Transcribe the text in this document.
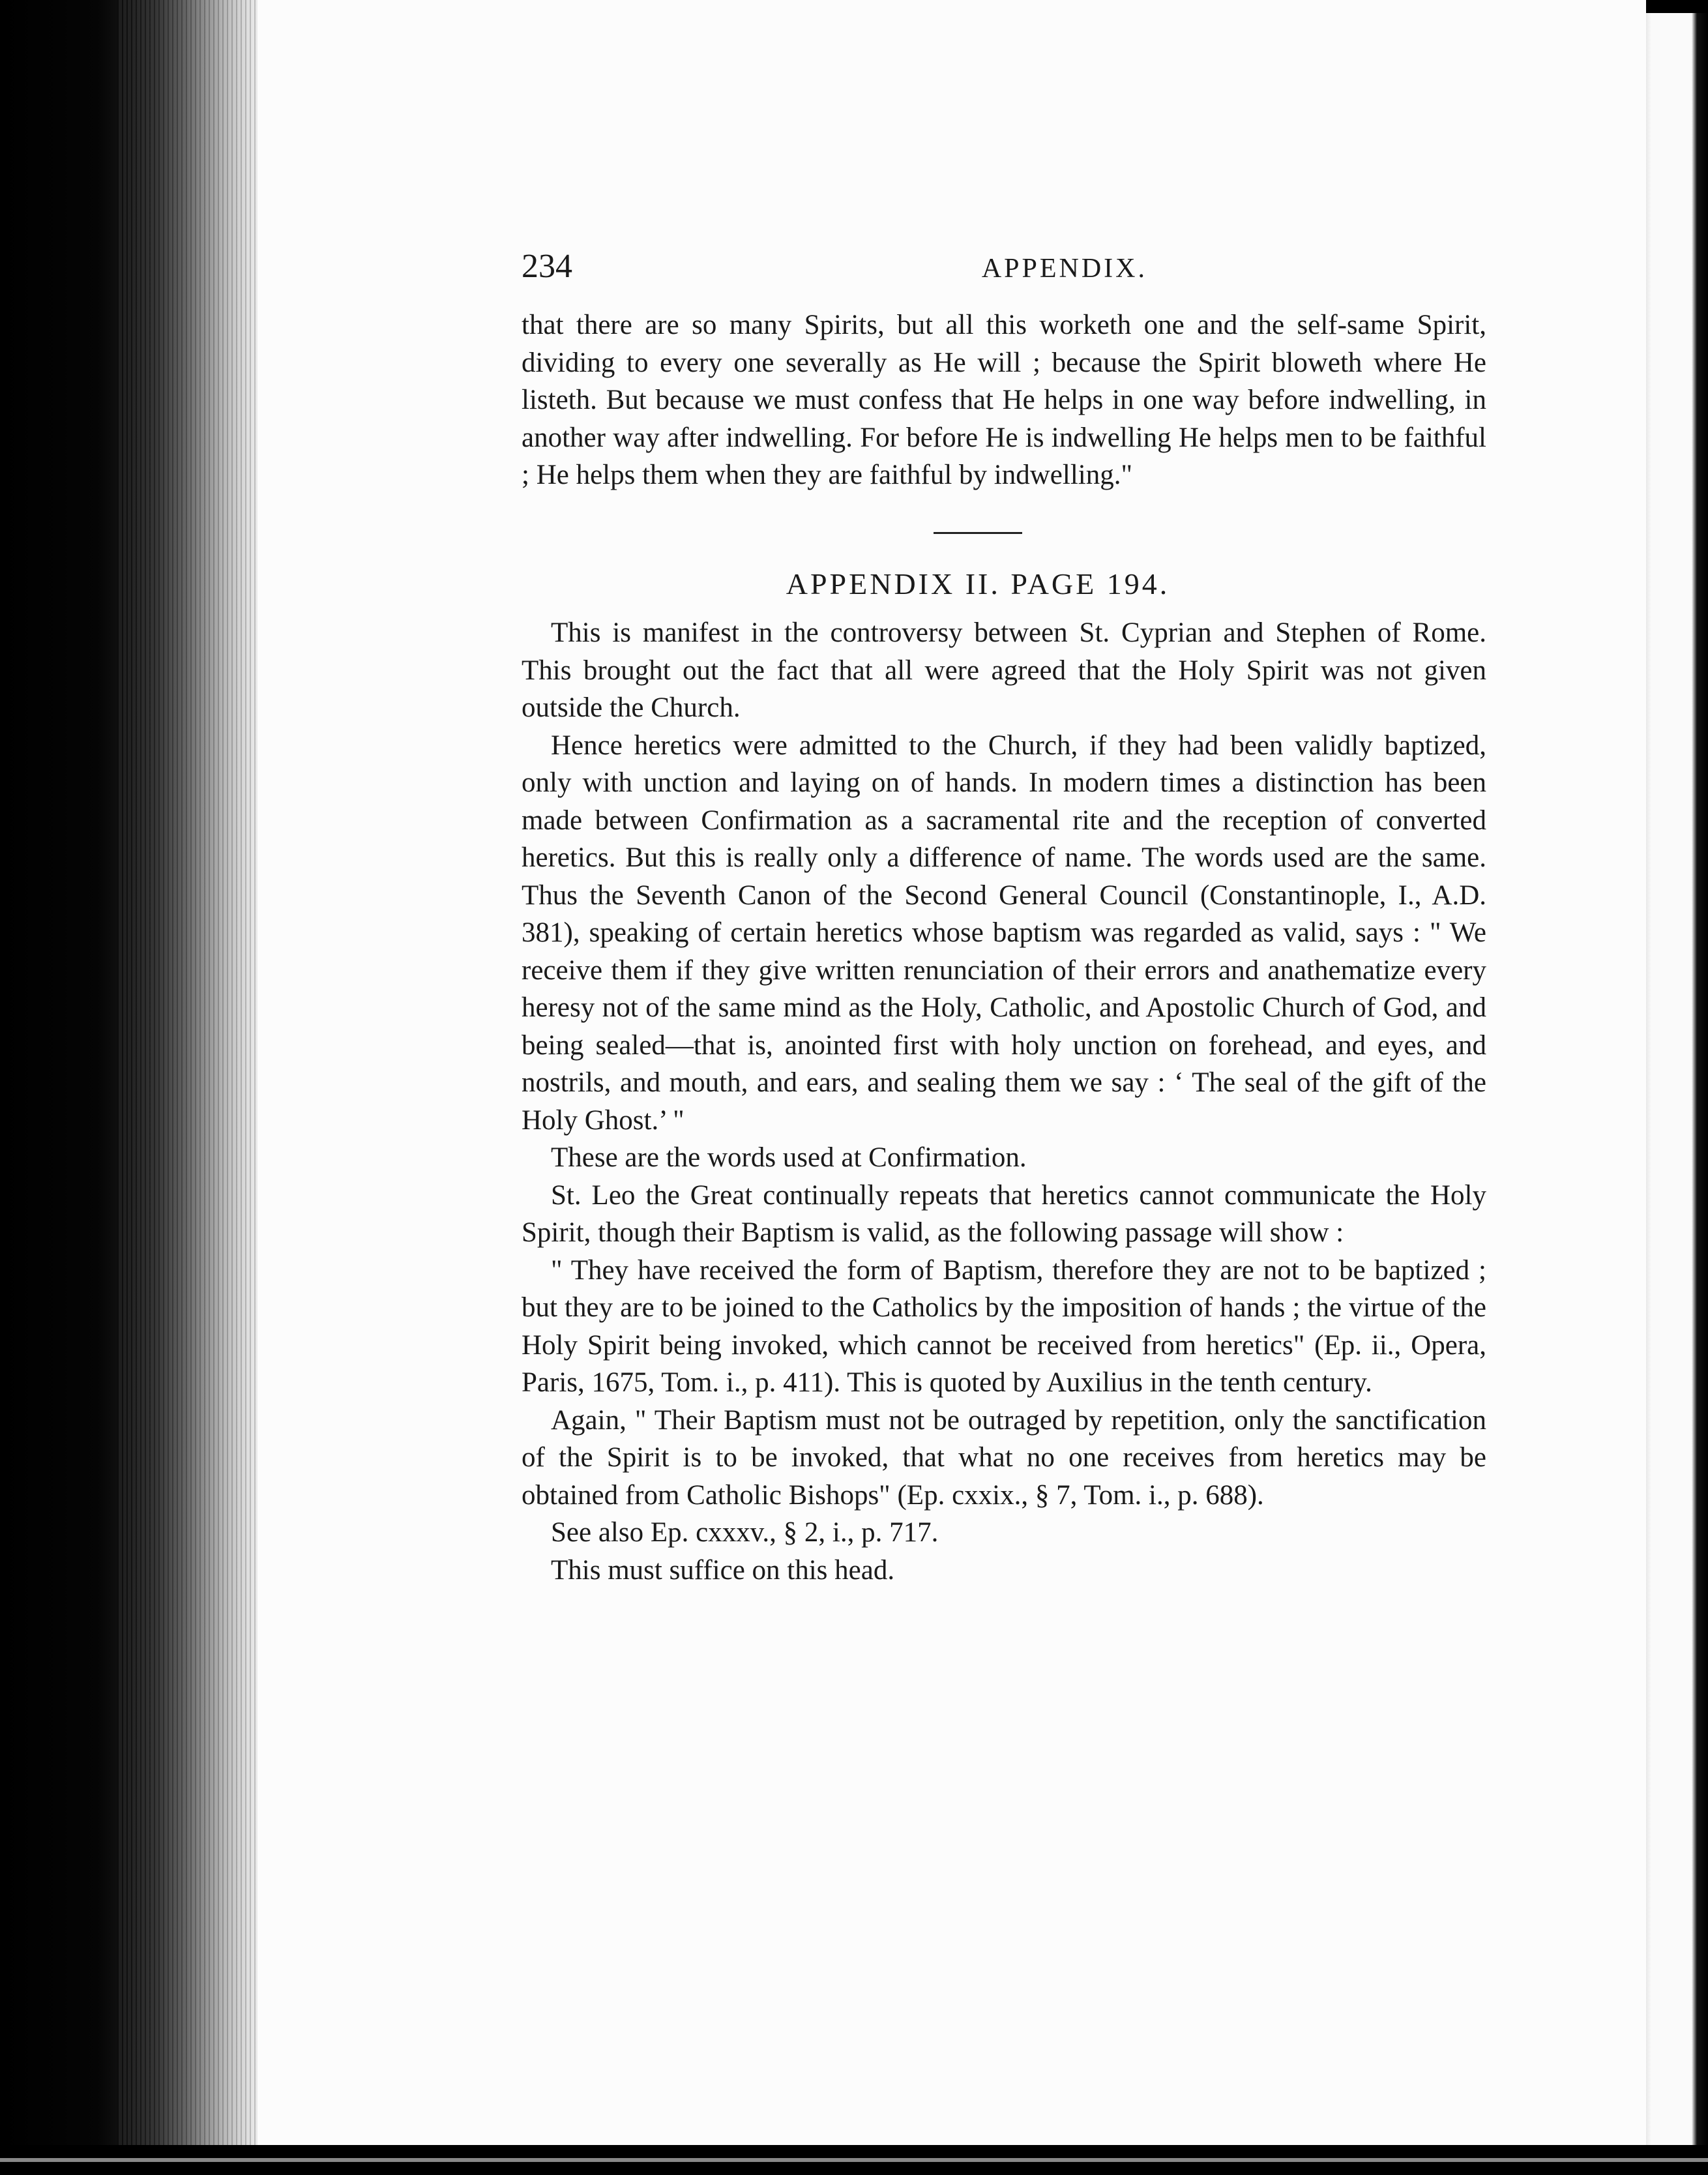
234	APPENDIX.

that there are so many Spirits, but all this worketh one and the self-same Spirit, dividing to every one severally as He will ; because the Spirit bloweth where He listeth. But because we must confess that He helps in one way before indwelling, in another way after indwelling. For before He is indwelling He helps men to be faithful ; He helps them when they are faithful by indwelling."

APPENDIX II. PAGE 194.

This is manifest in the controversy between St. Cyprian and Stephen of Rome. This brought out the fact that all were agreed that the Holy Spirit was not given outside the Church.

Hence heretics were admitted to the Church, if they had been validly baptized, only with unction and laying on of hands. In modern times a distinction has been made between Confirmation as a sacramental rite and the reception of converted heretics. But this is really only a difference of name. The words used are the same. Thus the Seventh Canon of the Second General Council (Constantinople, I., A.D. 381), speaking of certain heretics whose baptism was regarded as valid, says : " We receive them if they give written renunciation of their errors and anathematize every heresy not of the same mind as the Holy, Catholic, and Apostolic Church of God, and being sealed—that is, anointed first with holy unction on forehead, and eyes, and nostrils, and mouth, and ears, and sealing them we say : ‘ The seal of the gift of the Holy Ghost.’ "

These are the words used at Confirmation.

St. Leo the Great continually repeats that heretics cannot communicate the Holy Spirit, though their Baptism is valid, as the following passage will show :

" They have received the form of Baptism, therefore they are not to be baptized ; but they are to be joined to the Catholics by the imposition of hands ; the virtue of the Holy Spirit being invoked, which cannot be received from heretics" (Ep. ii., Opera, Paris, 1675, Tom. i., p. 411). This is quoted by Auxilius in the tenth century.

Again, " Their Baptism must not be outraged by repetition, only the sanctification of the Spirit is to be invoked, that what no one receives from heretics may be obtained from Catholic Bishops" (Ep. cxxix., § 7, Tom. i., p. 688).

See also Ep. cxxxv., § 2, i., p. 717.

This must suffice on this head.
